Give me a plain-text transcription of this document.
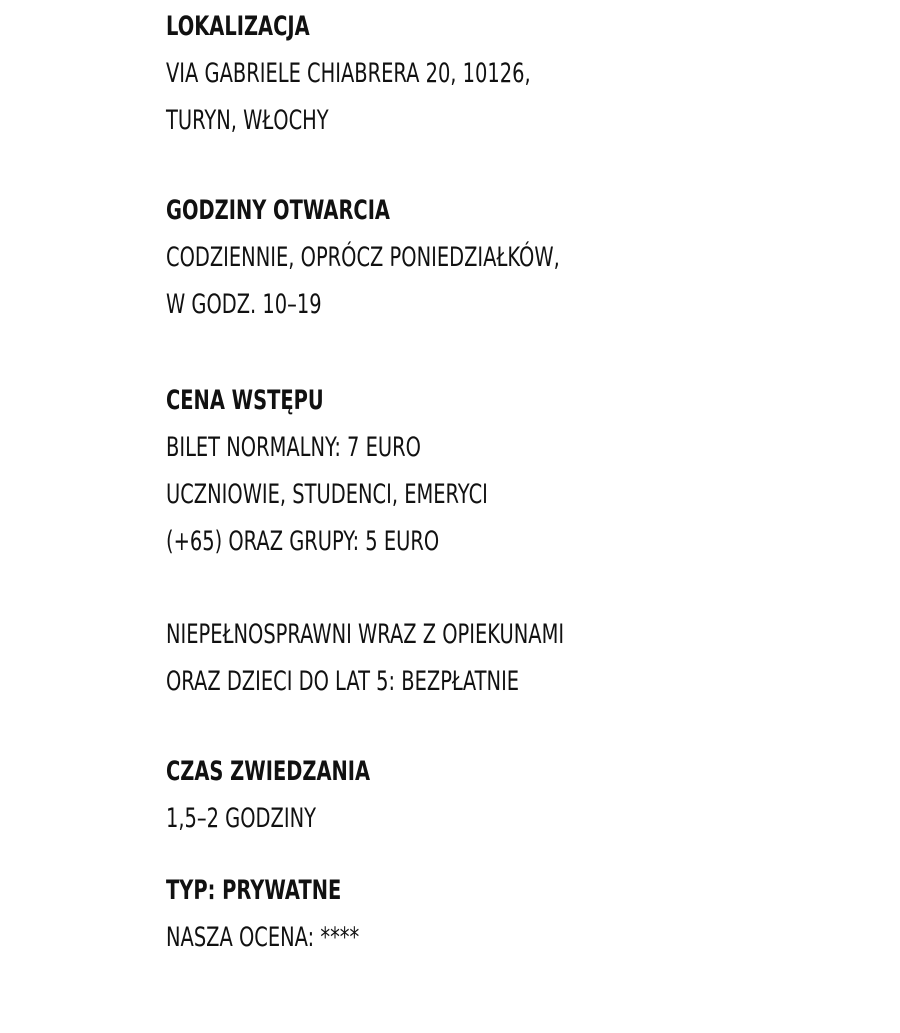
LOKALIZACJA
VIA GABRIELE CHIABRERA 20, 10126,
TURYN, WŁOCHY
GODZINY OTWARCIA
CODZIENNIE, OPRÓCZ PONIEDZIAŁKÓW,
W GODZ. 10–19
CENA WSTĘPU
BILET NORMALNY: 7 EURO
UCZNIOWIE, STUDENCI, EMERYCI
(+65) ORAZ GRUPY: 5 EURO
NIEPEŁNOSPRAWNI WRAZ Z OPIEKUNAMI
ORAZ DZIECI DO LAT 5: BEZPŁATNIE
CZAS ZWIEDZANIA
1,5–2 GODZINY
TYP: PRYWATNE
NASZA OCENA: ****
